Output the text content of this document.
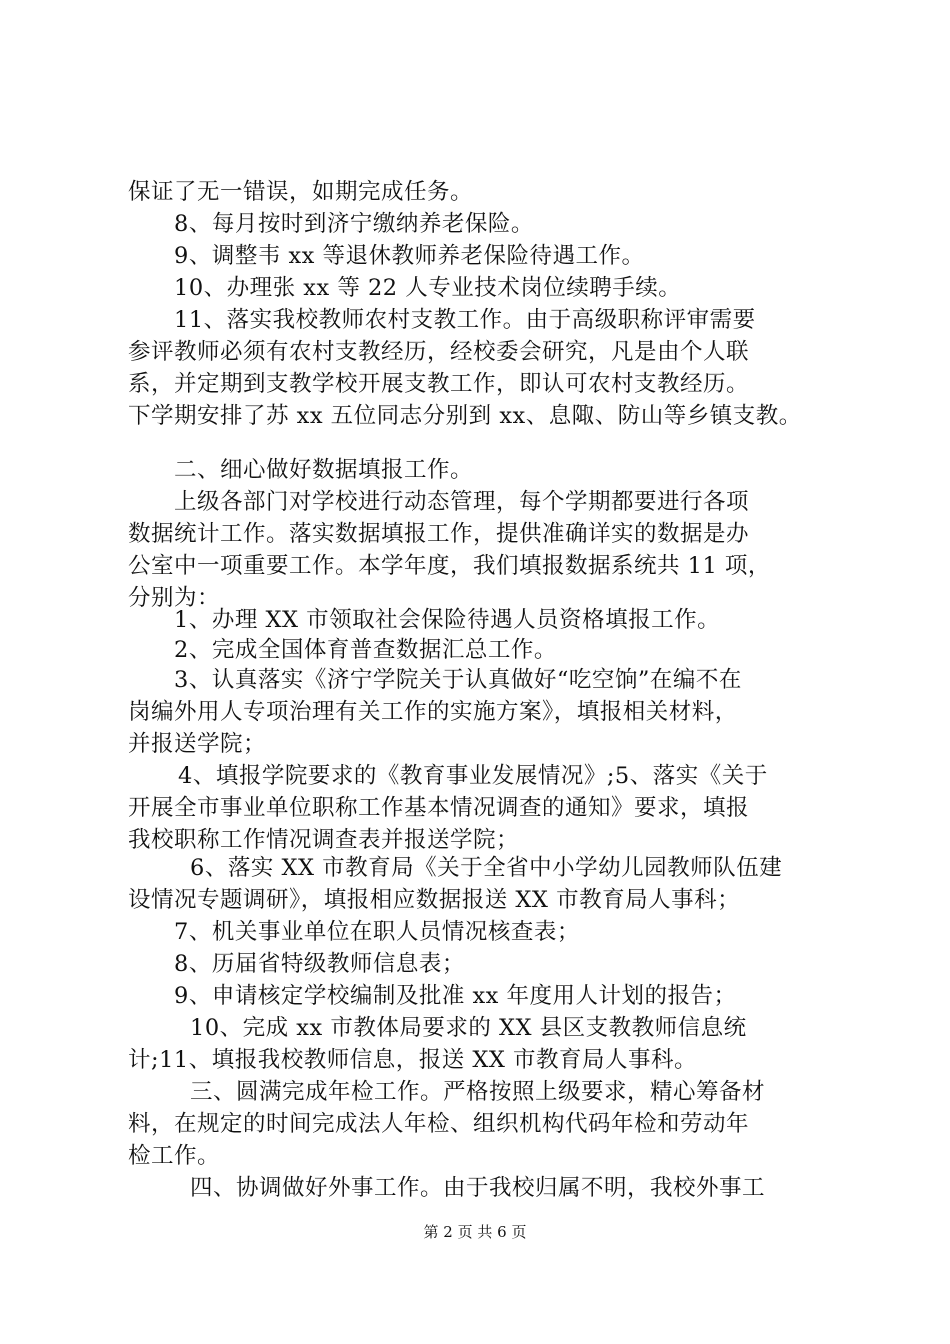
保证了无一错误，如期完成任务。
8、每月按时到济宁缴纳养老保险。
9、调整韦 xx 等退休教师养老保险待遇工作。
10、办理张 xx 等 22 人专业技术岗位续聘手续。
11、落实我校教师农村支教工作。由于高级职称评审需要
参评教师必须有农村支教经历，经校委会研究，凡是由个人联
系，并定期到支教学校开展支教工作，即认可农村支教经历。
下学期安排了苏 xx 五位同志分别到 xx、息陬、防山等乡镇支教。
二、细心做好数据填报工作。
上级各部门对学校进行动态管理，每个学期都要进行各项
数据统计工作。落实数据填报工作，提供准确详实的数据是办
公室中一项重要工作。本学年度，我们填报数据系统共 11 项，
分别为：
1、办理 XX 市领取社会保险待遇人员资格填报工作。
2、完成全国体育普查数据汇总工作。
3、认真落实《济宁学院关于认真做好“吃空饷”在编不在
岗编外用人专项治理有关工作的实施方案》，填报相关材料，
并报送学院；
4、填报学院要求的《教育事业发展情况》;5、落实《关于
开展全市事业单位职称工作基本情况调查的通知》要求，填报
我校职称工作情况调查表并报送学院；
6、落实 XX 市教育局《关于全省中小学幼儿园教师队伍建
设情况专题调研》，填报相应数据报送 XX 市教育局人事科；
7、机关事业单位在职人员情况核查表；
8、历届省特级教师信息表；
9、申请核定学校编制及批准 xx 年度用人计划的报告；
10、完成 xx 市教体局要求的 XX 县区支教教师信息统
计;11、填报我校教师信息，报送 XX 市教育局人事科。
三、圆满完成年检工作。严格按照上级要求，精心筹备材
料，在规定的时间完成法人年检、组织机构代码年检和劳动年
检工作。
四、协调做好外事工作。由于我校归属不明，我校外事工
第 2 页 共 6 页
